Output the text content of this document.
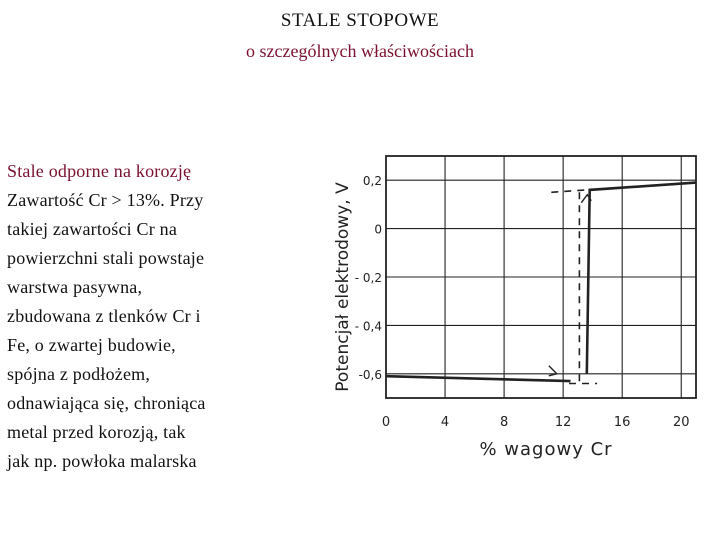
STALE STOPOWE
o szczególnych właściwościach
Stale odporne na korozję
Zawartość Cr > 13%. Przy
takiej zawartości Cr na
powierzchni stali powstaje
warstwa pasywna,
zbudowana z tlenków Cr i
Fe, o zwartej budowie,
spójna z podłożem,
odnawiająca się, chroniąca
metal przed korozją, tak
jak np. powłoka malarska
0	4	8	12	16	20
0,2
0
- 0,2
- 0,4
-0,6
% wagowy Cr
Potencjał elektrodowy, V
